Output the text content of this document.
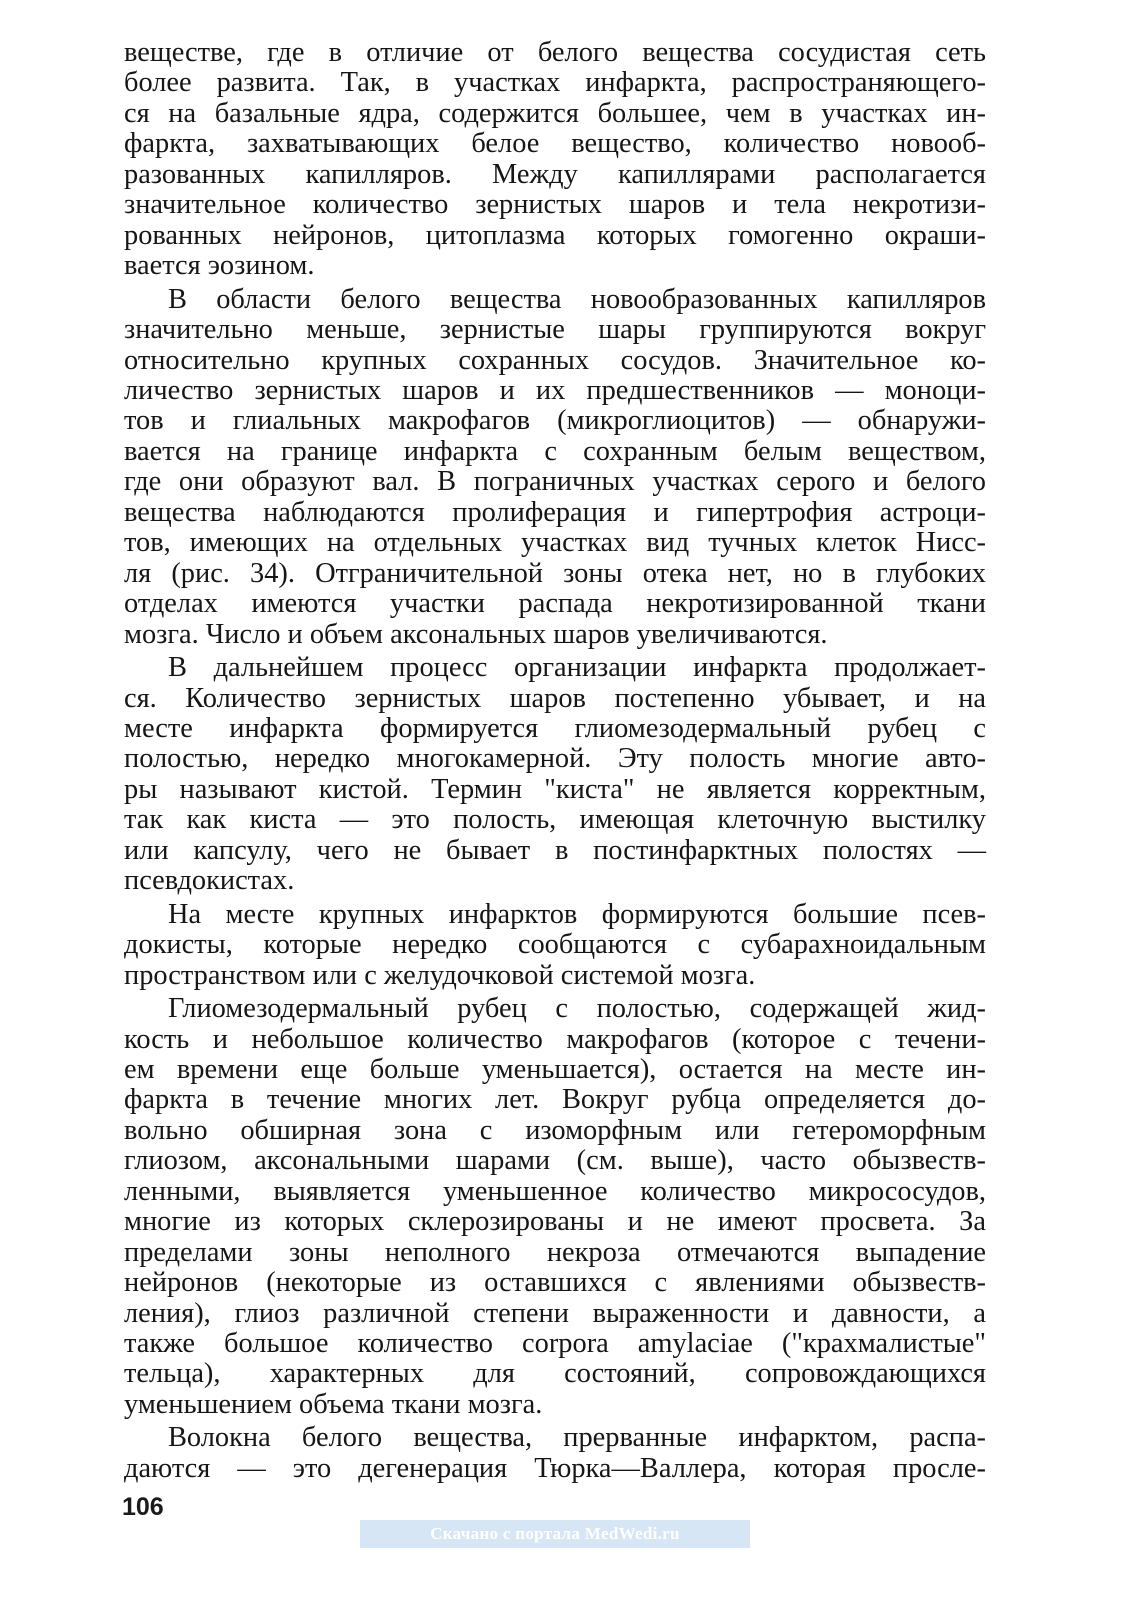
веществе, где в отличие от белого вещества сосудистая сеть
более развита. Так, в участках инфаркта, распространяющего-
ся на базальные ядра, содержится большее, чем в участках ин-
фаркта, захватывающих белое вещество, количество новооб-
разованных капилляров. Между капиллярами располагается
значительное количество зернистых шаров и тела некротизи-
рованных нейронов, цитоплазма которых гомогенно окраши-
вается эозином.

В области белого вещества новообразованных капилляров
значительно меньше, зернистые шары группируются вокруг
относительно крупных сохранных сосудов. Значительное ко-
личество зернистых шаров и их предшественников — моноци-
тов и глиальных макрофагов (микроглиоцитов) — обнаружи-
вается на границе инфаркта с сохранным белым веществом,
где они образуют вал. В пограничных участках серого и белого
вещества наблюдаются пролиферация и гипертрофия астроци-
тов, имеющих на отдельных участках вид тучных клеток Нисс-
ля (рис. 34). Отграничительной зоны отека нет, но в глубоких
отделах имеются участки распада некротизированной ткани
мозга. Число и объем аксональных шаров увеличиваются.

В дальнейшем процесс организации инфаркта продолжает-
ся. Количество зернистых шаров постепенно убывает, и на
месте инфаркта формируется глиомезодермальный рубец с
полостью, нередко многокамерной. Эту полость многие авто-
ры называют кистой. Термин "киста" не является корректным,
так как киста — это полость, имеющая клеточную выстилку
или капсулу, чего не бывает в постинфарктных полостях —
псевдокистах.

На месте крупных инфарктов формируются большие псев-
докисты, которые нередко сообщаются с субарахноидальным
пространством или с желудочковой системой мозга.

Глиомезодермальный рубец с полостью, содержащей жид-
кость и небольшое количество макрофагов (которое с течени-
ем времени еще больше уменьшается), остается на месте ин-
фаркта в течение многих лет. Вокруг рубца определяется до-
вольно обширная зона с изоморфным или гетероморфным
глиозом, аксональными шарами (см. выше), часто обызвеств-
ленными, выявляется уменьшенное количество микрососудов,
многие из которых склерозированы и не имеют просвета. За
пределами зоны неполного некроза отмечаются выпадение
нейронов (некоторые из оставшихся с явлениями обызвеств-
ления), глиоз различной степени выраженности и давности, а
также большое количество corpora amylaciae ("крахмалистые"
тельца), характерных для состояний, сопровождающихся
уменьшением объема ткани мозга.

Волокна белого вещества, прерванные инфарктом, распа-
даются — это дегенерация Тюрка—Валлера, которая просле-

106
Скачано с портала MedWedi.ru
